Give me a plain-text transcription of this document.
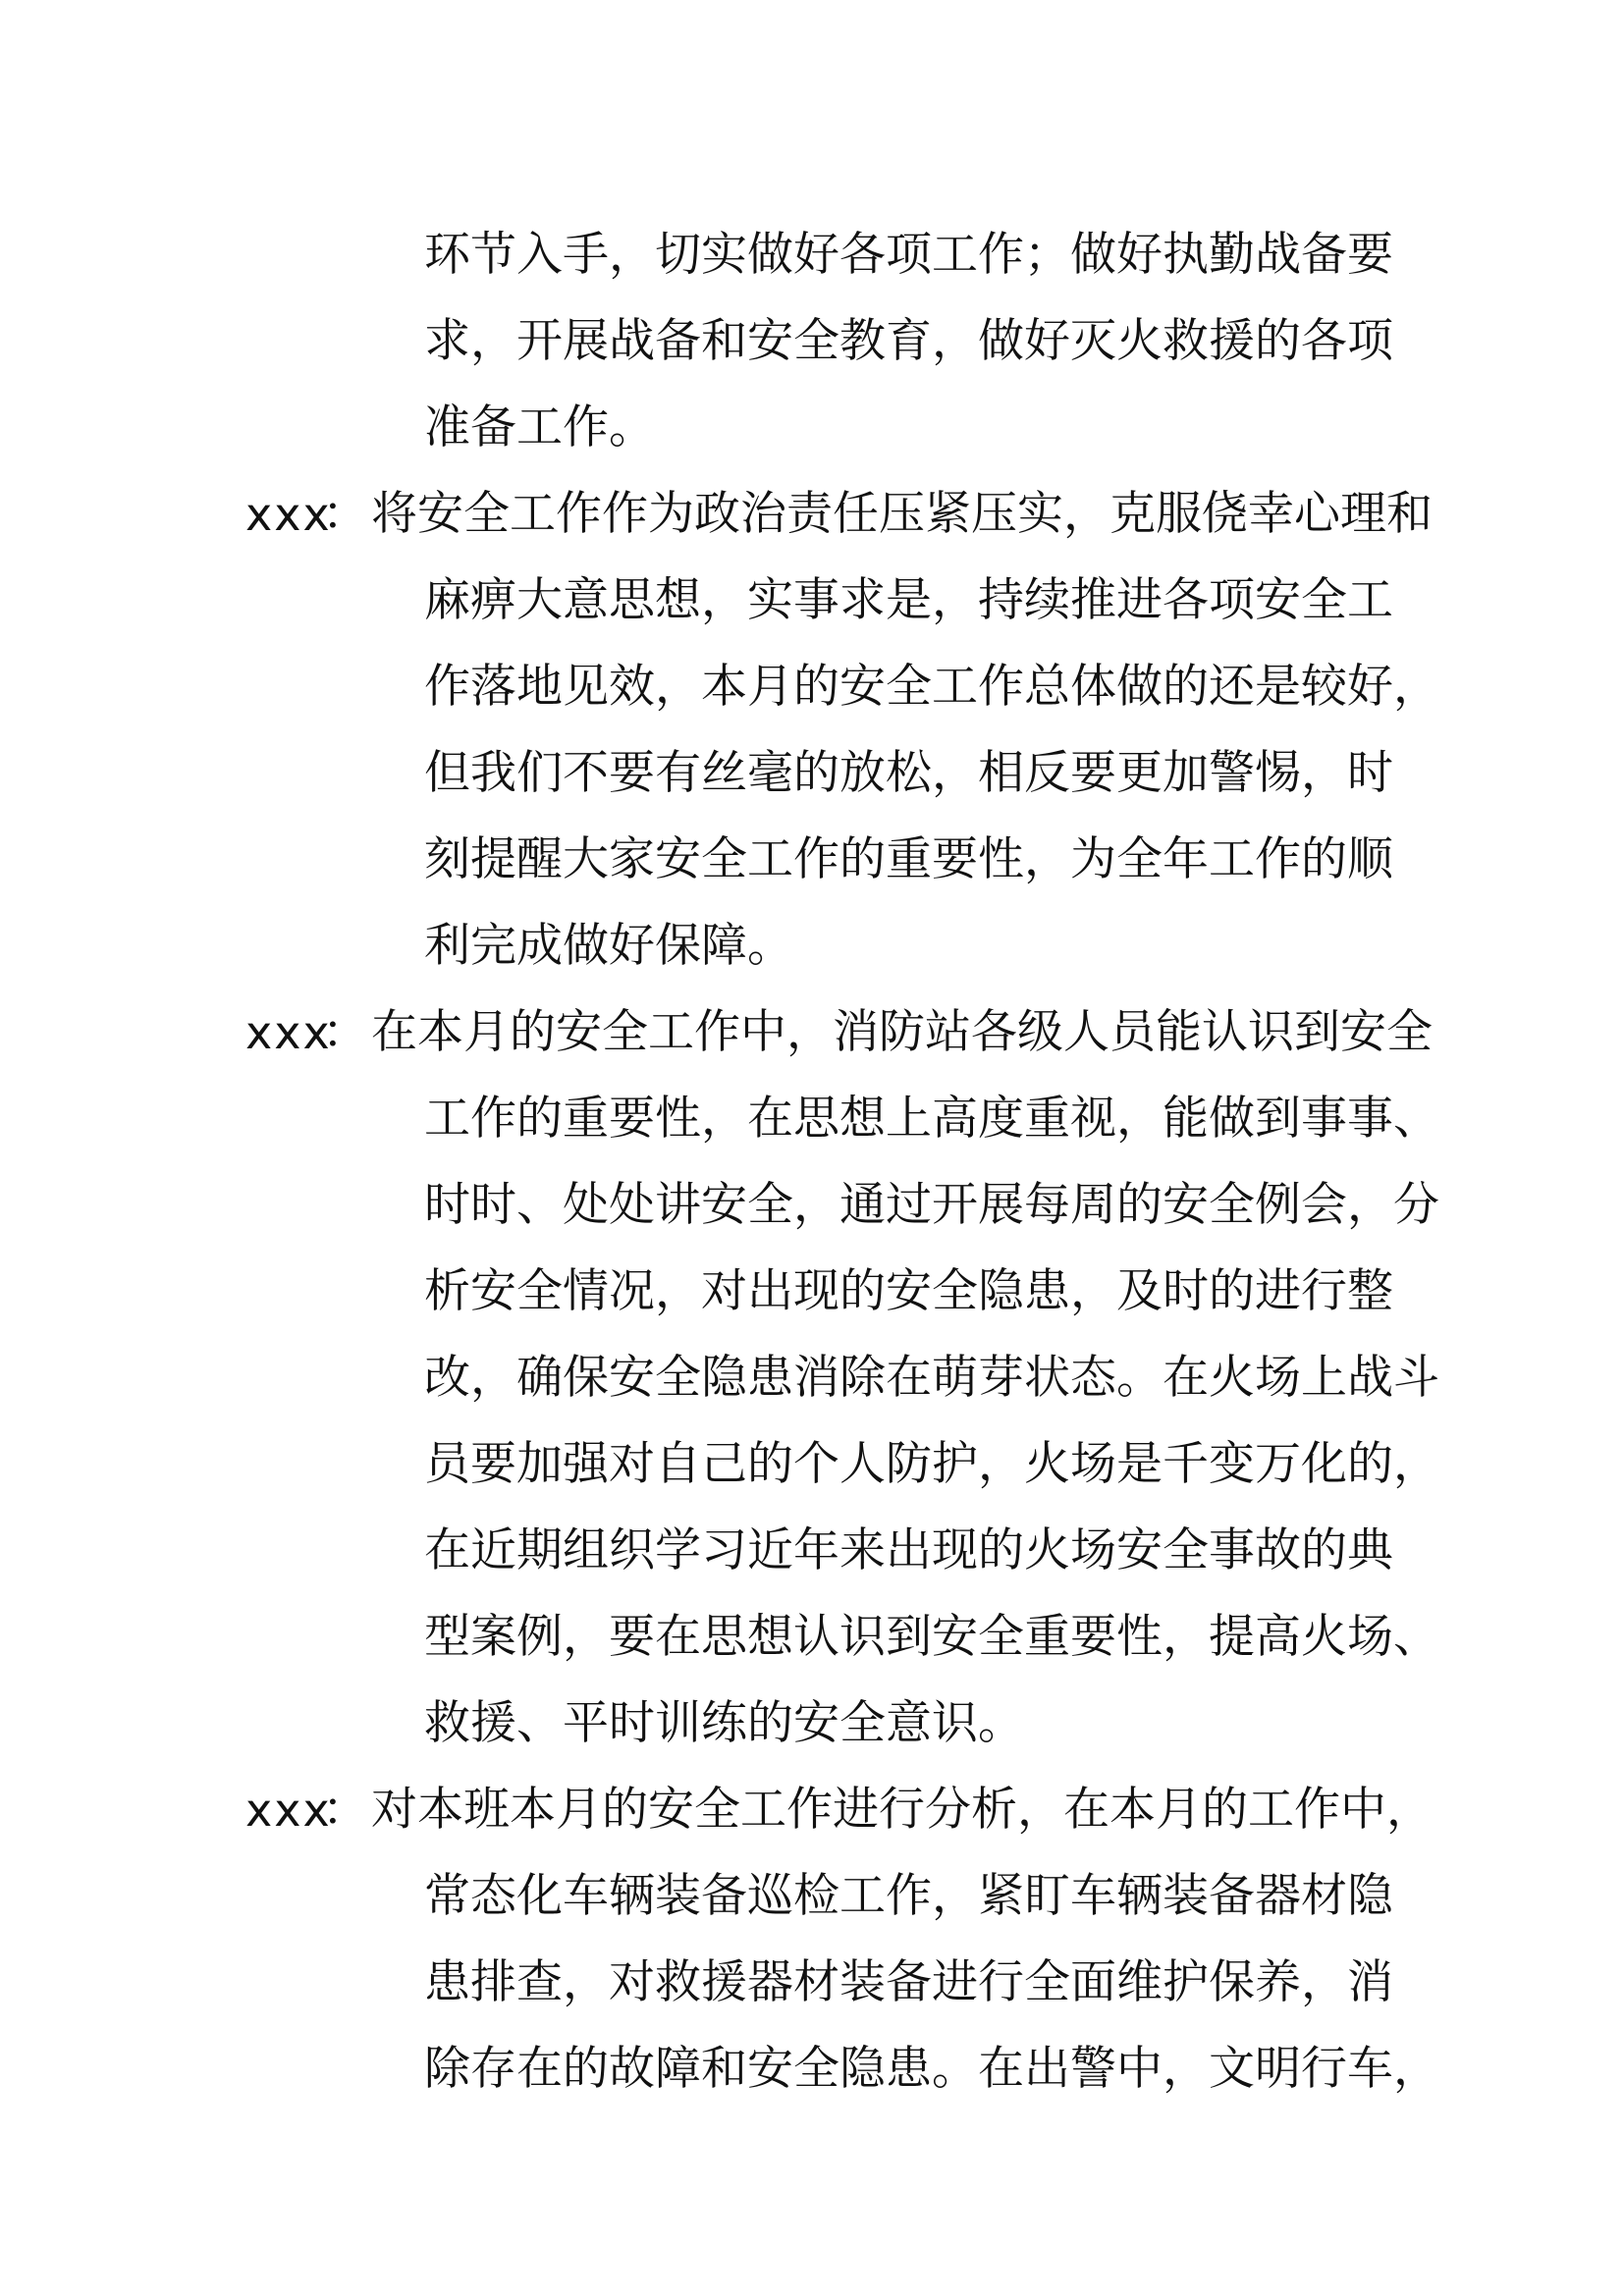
环节入手，切实做好各项工作；做好执勤战备要
求，开展战备和安全教育，做好灭火救援的各项
准备工作。
xxx
： 将安全工作作为政治责任压紧压实，克服侥幸心理和
麻痹大意思想，实事求是，持续推进各项安全工
作落地见效，本月的安全工作总体做的还是较好，
但我们不要有丝毫的放松，相反要更加警惕，时
刻提醒大家安全工作的重要性，为全年工作的顺
利完成做好保障。
xxx
： 在本月的安全工作中，消防站各级人员能认识到安全
工作的重要性，在思想上高度重视，能做到事事、
时时、处处讲安全，通过开展每周的安全例会，分
析安全情况，对出现的安全隐患，及时的进行整
改，确保安全隐患消除在萌芽状态。在火场上战斗
员要加强对自己的个人防护，火场是千变万化的，
在近期组织学习近年来出现的火场安全事故的典
型案例，要在思想认识到安全重要性，提高火场、
救援、平时训练的安全意识。
xxx
： 对本班本月的安全工作进行分析，在本月的工作中，
常态化车辆装备巡检工作，紧盯车辆装备器材隐
患排查，对救援器材装备进行全面维护保养，消
除存在的故障和安全隐患。在出警中，文明行车，
